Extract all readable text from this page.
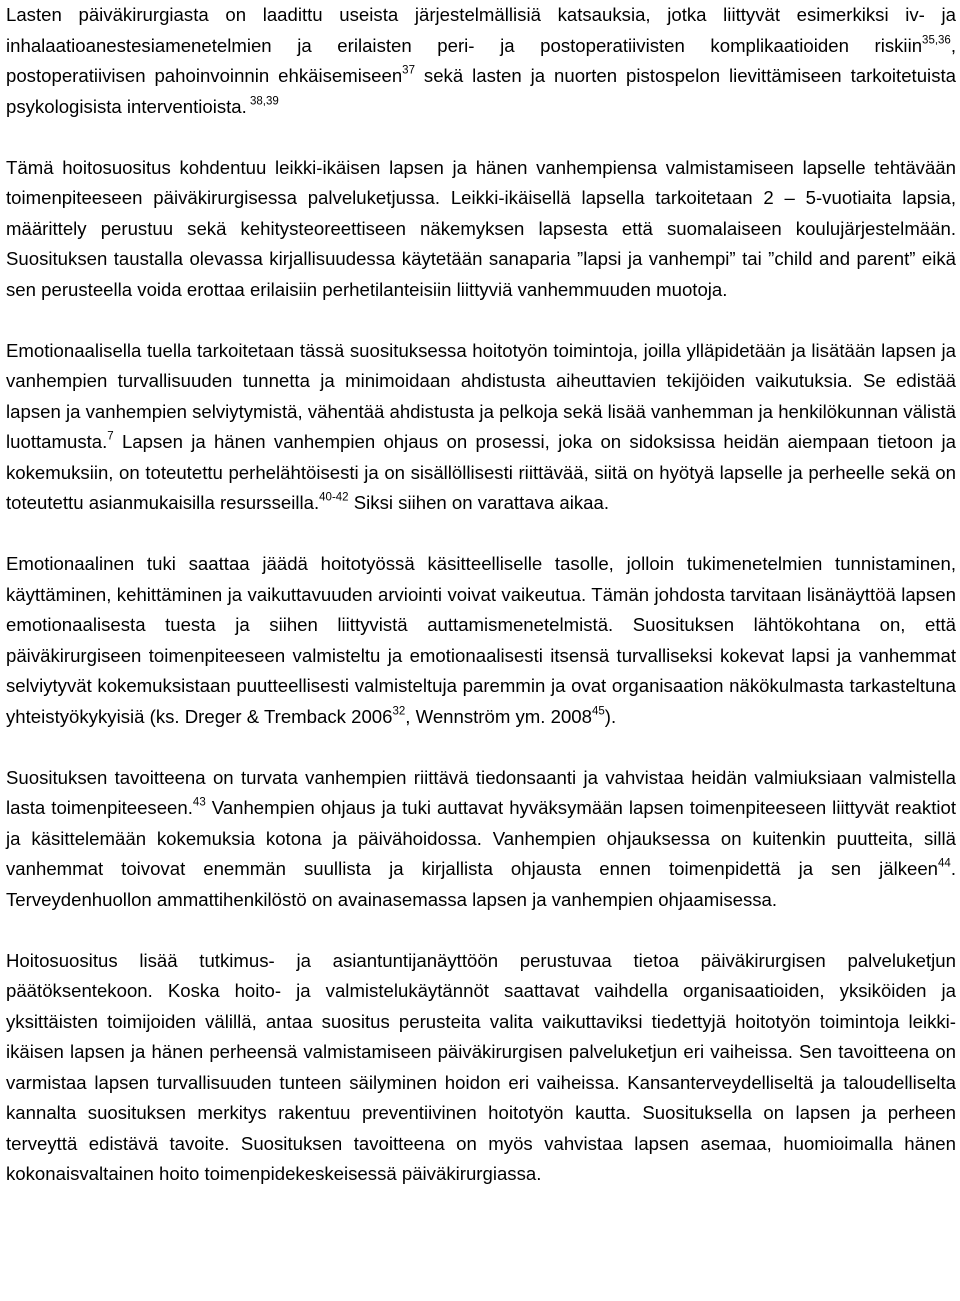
Lasten päiväkirurgiasta on laadittu useista järjestelmällisiä katsauksia, jotka liittyvät esimerkiksi iv- ja inhalaatioanestesiamenetelmien ja erilaisten peri- ja postoperatiivisten komplikaatioiden riskiin$^{35,36}$, postoperatiivisen pahoinvoinnin ehkäisemiseen$^{37}$ sekä lasten ja nuorten pistospelon lievittämiseen tarkoitetuista psykologisista interventioista. $^{38,39}$

Tämä hoitosuositus kohdentuu leikki-ikäisen lapsen ja hänen vanhempiensa valmistamiseen lapselle tehtävään toimenpiteeseen päiväkirurgisessa palveluketjussa. Leikki-ikäisellä lapsella tarkoitetaan 2 – 5-vuotiaita lapsia, määrittely perustuu sekä kehitysteoreettiseen näkemyksen lapsesta että suomalaiseen koulujärjestelmään. Suosituksen taustalla olevassa kirjallisuudessa käytetään sanaparia ”lapsi ja vanhempi” tai ”child and parent” eikä sen perusteella voida erottaa erilaisiin perhetilanteisiin liittyviä vanhemmuuden muotoja.

Emotionaalisella tuella tarkoitetaan tässä suosituksessa hoitotyön toimintoja, joilla ylläpidetään ja lisätään lapsen ja vanhempien turvallisuuden tunnetta ja minimoidaan ahdistusta aiheuttavien tekijöiden vaikutuksia. Se edistää lapsen ja vanhempien selviytymistä, vähentää ahdistusta ja pelkoja sekä lisää vanhemman ja henkilökunnan välistä luottamusta.$^7$ Lapsen ja hänen vanhempien ohjaus on prosessi, joka on sidoksissa heidän aiempaan tietoon ja kokemuksiin, on toteutettu perhelähtöisesti ja on sisällöllisesti riittävää, siitä on hyötyä lapselle ja perheelle sekä on toteutettu asianmukaisilla resursseilla.$^{40-42}$ Siksi siihen on varattava aikaa.

Emotionaalinen tuki saattaa jäädä hoitotyössä käsitteelliselle tasolle, jolloin tukimenetelmien tunnistaminen, käyttäminen, kehittäminen ja vaikuttavuuden arviointi voivat vaikeutua. Tämän johdosta tarvitaan lisänäyttöä lapsen emotionaalisesta tuesta ja siihen liittyvistä auttamismenetelmistä. Suosituksen lähtökohtana on, että päiväkirurgiseen toimenpiteeseen valmisteltu ja emotionaalisesti itsensä turvalliseksi kokevat lapsi ja vanhemmat selviytyvät kokemuksistaan puutteellisesti valmisteltuja paremmin ja ovat organisaation näkökulmasta tarkasteltuna yhteistyökykyisiä (ks. Dreger & Tremback 2006$^{32}$, Wennström ym. 2008$^{45}$).

Suosituksen tavoitteena on turvata vanhempien riittävä tiedonsaanti ja vahvistaa heidän valmiuksiaan valmistella lasta toimenpiteeseen.$^{43}$ Vanhempien ohjaus ja tuki auttavat hyväksymään lapsen toimenpiteeseen liittyvät reaktiot ja käsittelemään kokemuksia kotona ja päivähoidossa. Vanhempien ohjauksessa on kuitenkin puutteita, sillä vanhemmat toivovat enemmän suullista ja kirjallista ohjausta ennen toimenpidettä ja sen jälkeen$^{44}$. Terveydenhuollon ammattihenkilöstö on avainasemassa lapsen ja vanhempien ohjaamisessa.

Hoitosuositus lisää tutkimus- ja asiantuntijanäyttöön perustuvaa tietoa päiväkirurgisen palveluketjun päätöksentekoon. Koska hoito- ja valmistelukäytännöt saattavat vaihdella organisaatioiden, yksiköiden ja yksittäisten toimijoiden välillä, antaa suositus perusteita valita vaikuttaviksi tiedettyjä hoitotyön toimintoja leikki-ikäisen lapsen ja hänen perheensä valmistamiseen päiväkirurgisen palveluketjun eri vaiheissa. Sen tavoitteena on varmistaa lapsen turvallisuuden tunteen säilyminen hoidon eri vaiheissa. Kansanterveydelliseltä ja taloudelliselta kannalta suosituksen merkitys rakentuu preventiivinen hoitotyön kautta. Suosituksella on lapsen ja perheen terveyttä edistävä tavoite. Suosituksen tavoitteena on myös vahvistaa lapsen asemaa, huomioimalla hänen kokonaisvaltainen hoito toimenpidekeskeisessä päiväkirurgiassa.
